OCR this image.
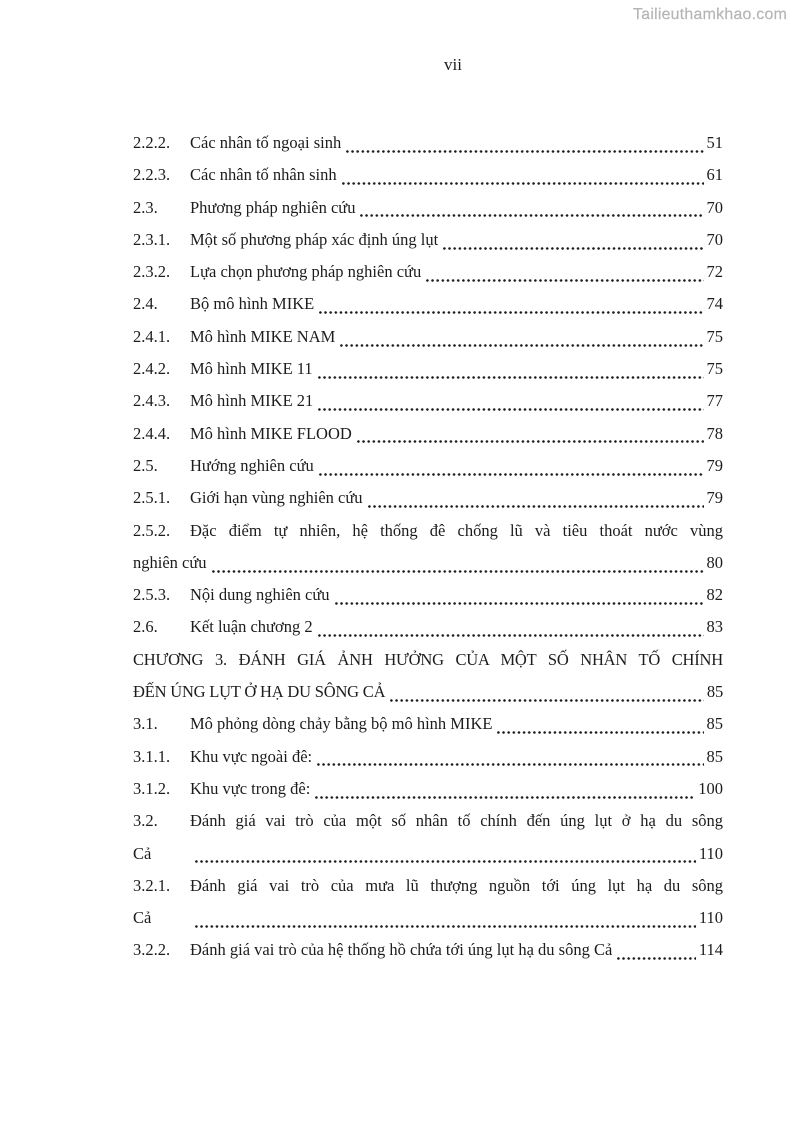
Tailieuthamkhao.com
vii
2.2.2.	Các nhân tố ngoại sinh	51
2.2.3.	Các nhân tố nhân sinh	61
2.3.	Phương pháp nghiên cứu	70
2.3.1.	Một số phương pháp xác định úng lụt	70
2.3.2.	Lựa chọn phương pháp nghiên cứu	72
2.4.	Bộ mô hình MIKE	74
2.4.1.	Mô hình MIKE NAM	75
2.4.2.	Mô hình MIKE 11	75
2.4.3.	Mô hình MIKE 21	77
2.4.4.	Mô hình MIKE FLOOD	78
2.5.	Hướng nghiên cứu	79
2.5.1.	Giới hạn vùng nghiên cứu	79
2.5.2. Đặc điểm tự nhiên, hệ thống đê chống lũ và tiêu thoát nước vùng
nghiên cứu	80
2.5.3.	Nội dung nghiên cứu	82
2.6.	Kết luận chương 2	83
CHƯƠNG 3. ĐÁNH GIÁ ẢNH HƯỞNG CỦA MỘT SỐ NHÂN TỐ CHÍNH
ĐẾN ÚNG LỤT Ở HẠ DU SÔNG CẢ	85
3.1.	Mô phỏng dòng chảy bằng bộ mô hình MIKE	85
3.1.1.	Khu vực ngoài đê:	85
3.1.2.	Khu vực trong đê:	100
3.2. Đánh giá vai trò của một số nhân tố chính đến úng lụt ở hạ du sông
Cả	110
3.2.1. Đánh giá vai trò của mưa lũ thượng nguồn tới úng lụt hạ du sông
Cả	110
3.2.2.	Đánh giá vai trò của hệ thống hồ chứa tới úng lụt hạ du sông Cả	114
